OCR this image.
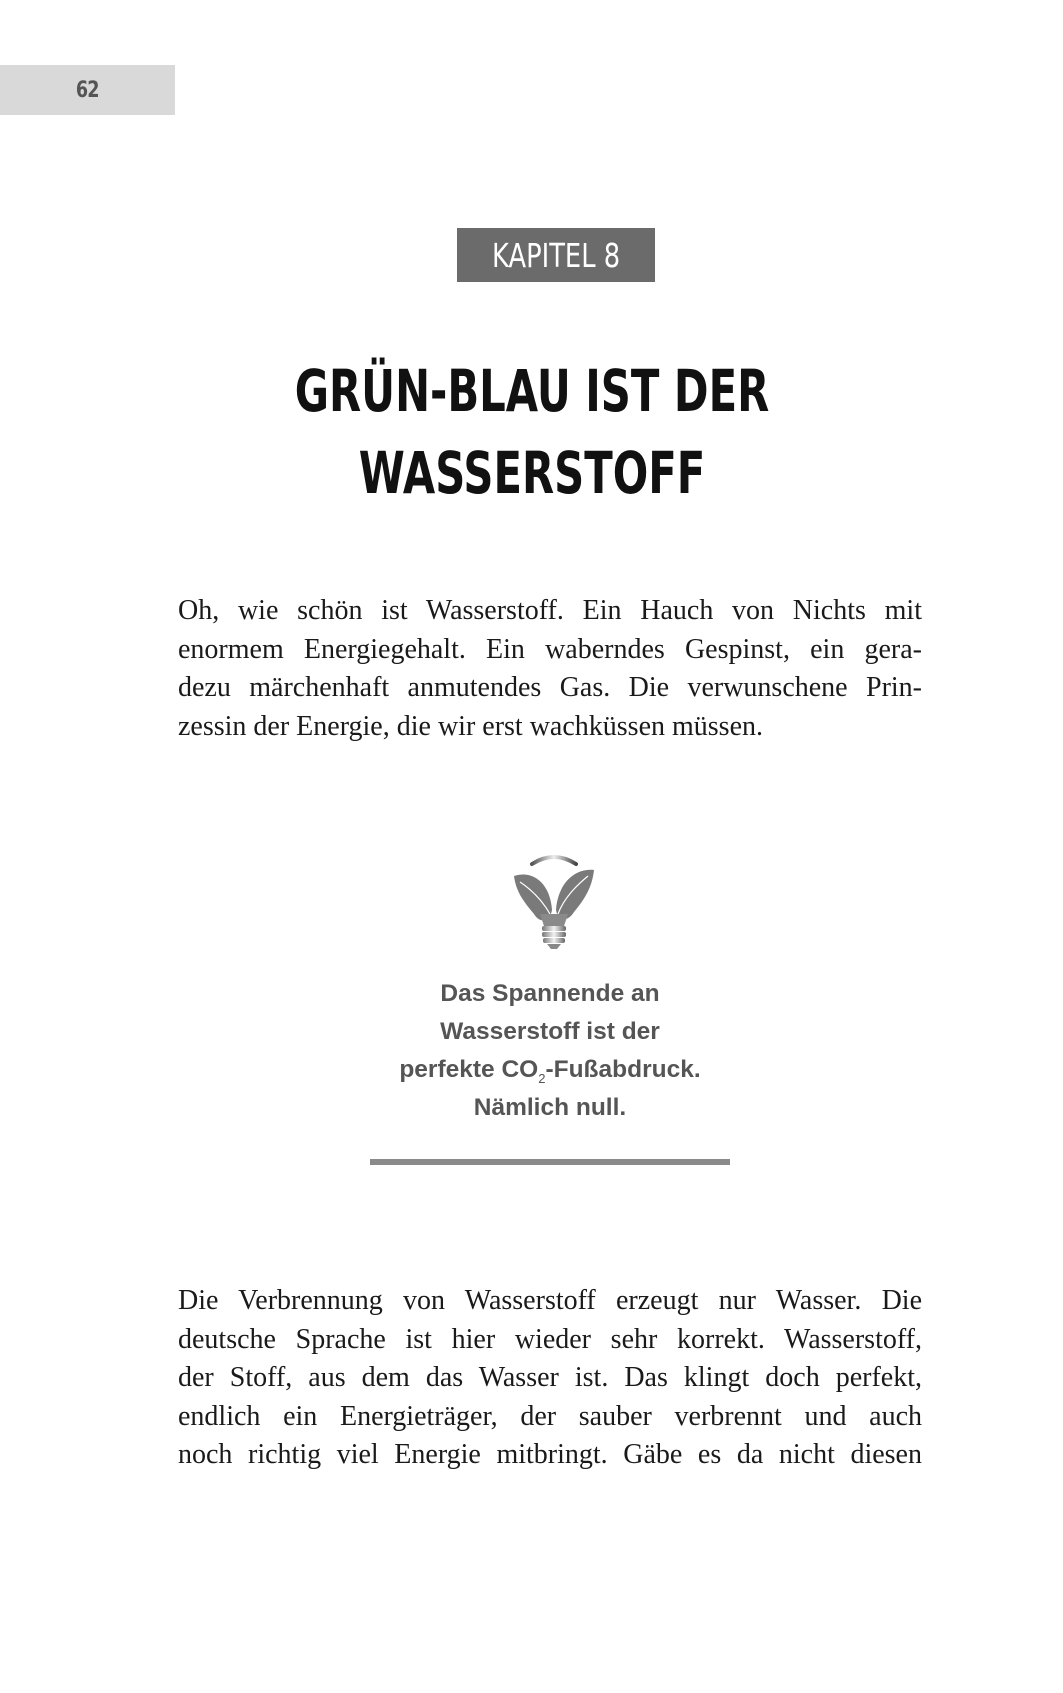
62
KAPITEL 8
GRÜN-BLAU IST DER
WASSERSTOFF
Oh, wie schön ist Wasserstoff. Ein Hauch von Nichts mit
enormem Energiegehalt. Ein waberndes Gespinst, ein gera-
dezu märchenhaft anmutendes Gas. Die verwunschene Prin-
zessin der Energie, die wir erst wachküssen müssen.
Das Spannende an
Wasserstoff ist der
perfekte $CO_2$-Fußabdruck.
Nämlich null.
Die Verbrennung von Wasserstoff erzeugt nur Wasser. Die
deutsche Sprache ist hier wieder sehr korrekt. Wasserstoff,
der Stoff, aus dem das Wasser ist. Das klingt doch perfekt,
endlich ein Energieträger, der sauber verbrennt und auch
noch richtig viel Energie mitbringt. Gäbe es da nicht diesen
